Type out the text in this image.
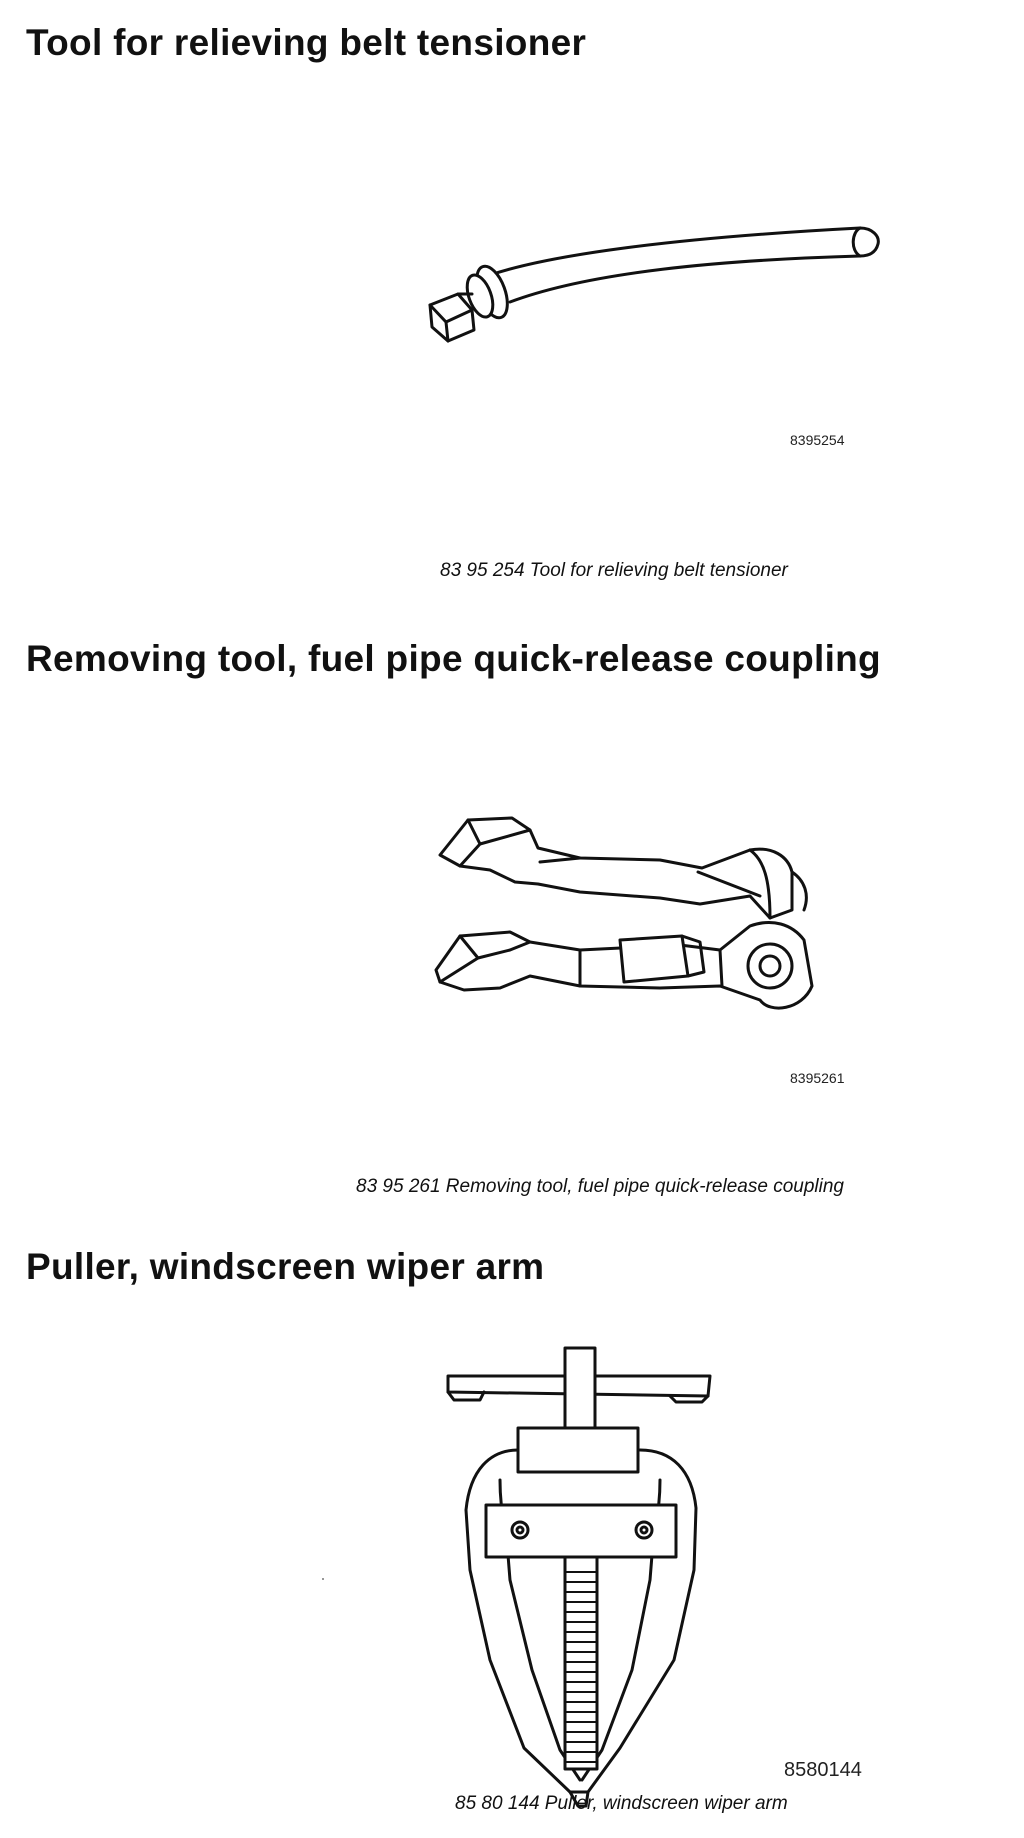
Tool for relieving belt tensioner
8395254
83 95 254 Tool for relieving belt tensioner
Removing tool, fuel pipe quick-release coupling
8395261
83 95 261 Removing tool, fuel pipe quick-release coupling
Puller, windscreen wiper arm
8580144
85 80 144 Puller, windscreen wiper arm
